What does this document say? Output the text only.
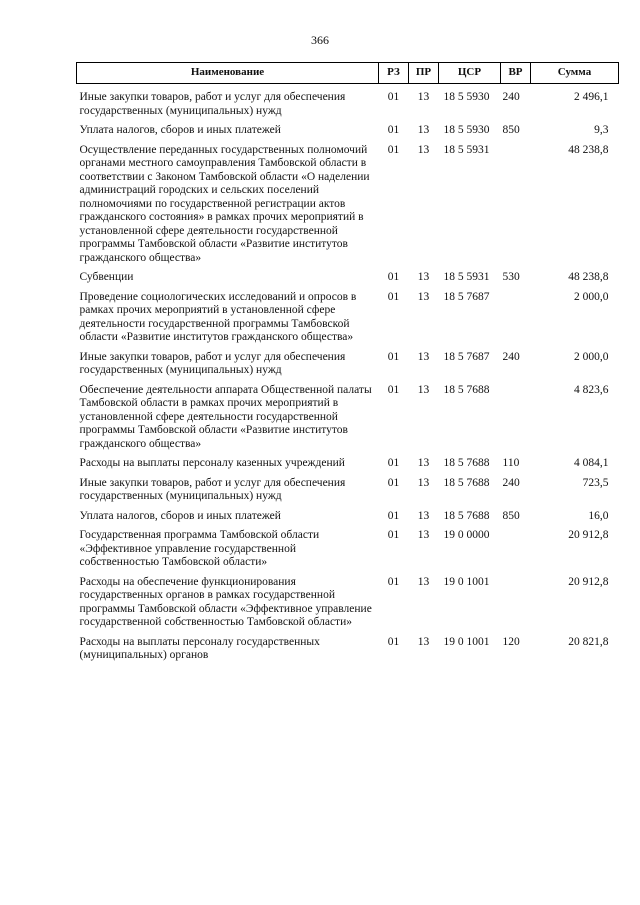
366
Наименование	РЗ	ПР	ЦСР	ВР	Сумма
Иные закупки товаров, работ и услуг для обеспечения государственных (муниципальных) нужд	01	13	18 5 5930	240	2 496,1
Уплата налогов, сборов и иных платежей	01	13	18 5 5930	850	9,3
Осуществление переданных государственных полномочий органами местного самоуправления Тамбовской области в соответствии с Законом Тамбовской области «О наделении администраций городских и сельских поселений полномочиями по государственной регистрации актов гражданского состояния» в рамках прочих мероприятий в установленной сфере деятельности государственной программы Тамбовской области «Развитие институтов гражданского общества»	01	13	18 5 5931		48 238,8
Субвенции	01	13	18 5 5931	530	48 238,8
Проведение социологических исследований и опросов в рамках прочих мероприятий в установленной сфере деятельности государственной программы Тамбовской области «Развитие институтов гражданского общества»	01	13	18 5 7687		2 000,0
Иные закупки товаров, работ и услуг для обеспечения государственных (муниципальных) нужд	01	13	18 5 7687	240	2 000,0
Обеспечение деятельности аппарата Общественной палаты Тамбовской области в рамках прочих мероприятий в установленной сфере деятельности государственной программы Тамбовской области «Развитие институтов гражданского общества»	01	13	18 5 7688		4 823,6
Расходы на выплаты персоналу казенных учреждений	01	13	18 5 7688	110	4 084,1
Иные закупки товаров, работ и услуг для обеспечения государственных (муниципальных) нужд	01	13	18 5 7688	240	723,5
Уплата налогов, сборов и иных платежей	01	13	18 5 7688	850	16,0
Государственная программа Тамбовской области «Эффективное управление государственной собственностью Тамбовской области»	01	13	19 0 0000		20 912,8
Расходы на обеспечение функционирования государственных органов в рамках государственной программы Тамбовской области «Эффективное управление государственной собственностью Тамбовской области»	01	13	19 0 1001		20 912,8
Расходы на выплаты персоналу государственных (муниципальных) органов	01	13	19 0 1001	120	20 821,8
